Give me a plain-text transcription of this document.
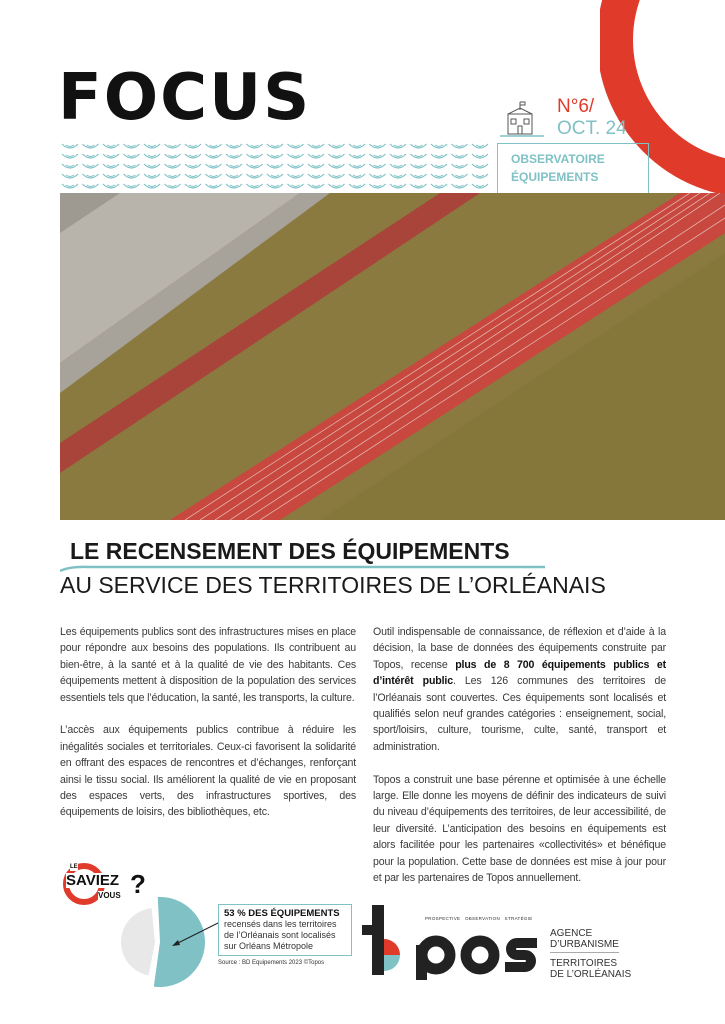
FOCUS	N°6/
OCT. 24
OBSERVATOIRE
ÉQUIPEMENTS
LE RECENSEMENT DES ÉQUIPEMENTS
AU SERVICE DES TERRITOIRES DE L’ORLÉANAIS

Les équipements publics sont des infrastructures mises en place pour répondre aux besoins des populations. Ils contribuent au bien-être, à la santé et à la qualité de vie des habitants. Ces équipements mettent à disposition de la population des services essentiels tels que l’éducation, la santé, les transports, la culture.

L’accès aux équipements publics contribue à réduire les inégalités sociales et territoriales. Ceux-ci favorisent la solidarité en offrant des espaces de rencontres et d’échanges, renforçant ainsi le tissu social. Ils améliorent la qualité de vie en proposant des espaces verts, des infrastructures sportives, des équipements de loisirs, des bibliothèques, etc.

Outil indispensable de connaissance, de réflexion et d’aide à la décision, la base de données des équipements construite par Topos, recense plus de 8 700 équipements publics et d’intérêt public. Les 126 communes des territoires de l’Orléanais sont couvertes. Ces équipements sont localisés et qualifiés selon neuf grandes catégories : enseignement, social, sport/loisirs, culture, tourisme, culte, santé, transport et administration.

Topos a construit une base pérenne et optimisée à une échelle large. Elle donne les moyens de définir des indicateurs de suivi du niveau d’équipements des territoires, de leur accessibilité, de leur diversité. L’anticipation des besoins en équipements est alors facilitée pour les partenaires «collectivités» et bénéfique pour la population. Cette base de données est mise à jour pour et par les partenaires de Topos annuellement.

LE
SAVIEZ
VOUS ?
53 % DES ÉQUIPEMENTS
recensés dans les territoires de l’Orléanais sont localisés sur Orléans Métropole
Source : BD Equipements 2023 ©Topos
PROSPECTIVE   OBSERVATION   STRATÉGIE
AGENCE
D’URBANISME
TERRITOIRES
DE L’ORLÉANAIS
